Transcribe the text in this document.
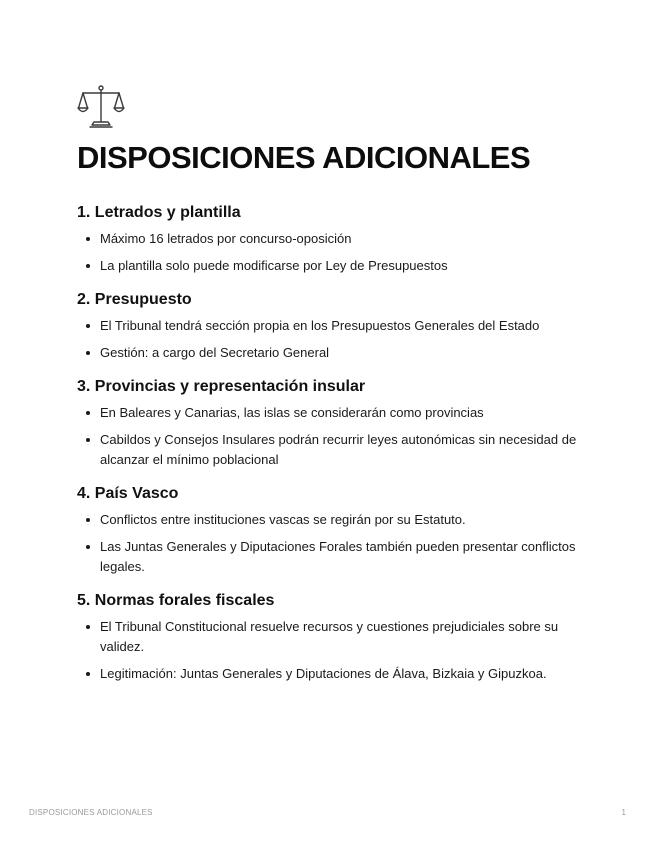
DISPOSICIONES ADICIONALES
1. Letrados y plantilla
Máximo 16 letrados por concurso-oposición
La plantilla solo puede modificarse por Ley de Presupuestos
2. Presupuesto
El Tribunal tendrá sección propia en los Presupuestos Generales del Estado
Gestión: a cargo del Secretario General
3. Provincias y representación insular
En Baleares y Canarias, las islas se considerarán como provincias
Cabildos y Consejos Insulares podrán recurrir leyes autonómicas sin necesidad de alcanzar el mínimo poblacional
4. País Vasco
Conflictos entre instituciones vascas se regirán por su Estatuto.
Las Juntas Generales y Diputaciones Forales también pueden presentar conflictos legales.
5. Normas forales fiscales
El Tribunal Constitucional resuelve recursos y cuestiones prejudiciales sobre su validez.
Legitimación: Juntas Generales y Diputaciones de Álava, Bizkaia y Gipuzkoa.
DISPOSICIONES ADICIONALES	1
